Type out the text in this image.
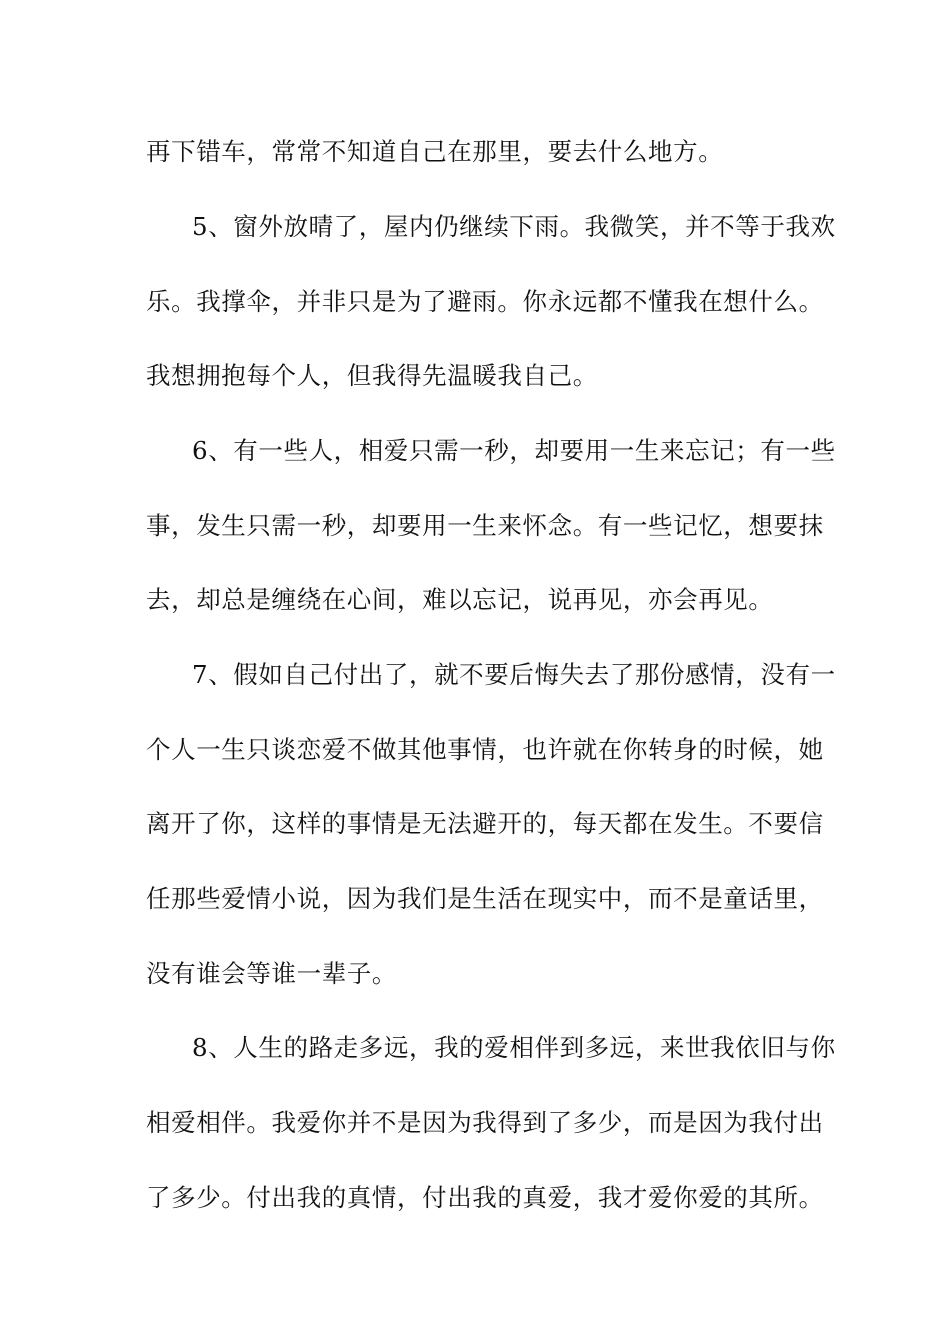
再下错车，常常不知道自己在那里，要去什么地方。
5、窗外放晴了，屋内仍继续下雨。我微笑，并不等于我欢
乐。我撑伞，并非只是为了避雨。你永远都不懂我在想什么。
我想拥抱每个人，但我得先温暖我自己。
6、有一些人，相爱只需一秒，却要用一生来忘记；有一些
事，发生只需一秒，却要用一生来怀念。有一些记忆，想要抹
去，却总是缠绕在心间，难以忘记，说再见，亦会再见。
7、假如自己付出了，就不要后悔失去了那份感情，没有一
个人一生只谈恋爱不做其他事情，也许就在你转身的时候，她
离开了你，这样的事情是无法避开的，每天都在发生。不要信
任那些爱情小说，因为我们是生活在现实中，而不是童话里，
没有谁会等谁一辈子。
8、人生的路走多远，我的爱相伴到多远，来世我依旧与你
相爱相伴。我爱你并不是因为我得到了多少，而是因为我付出
了多少。付出我的真情，付出我的真爱，我才爱你爱的其所。
